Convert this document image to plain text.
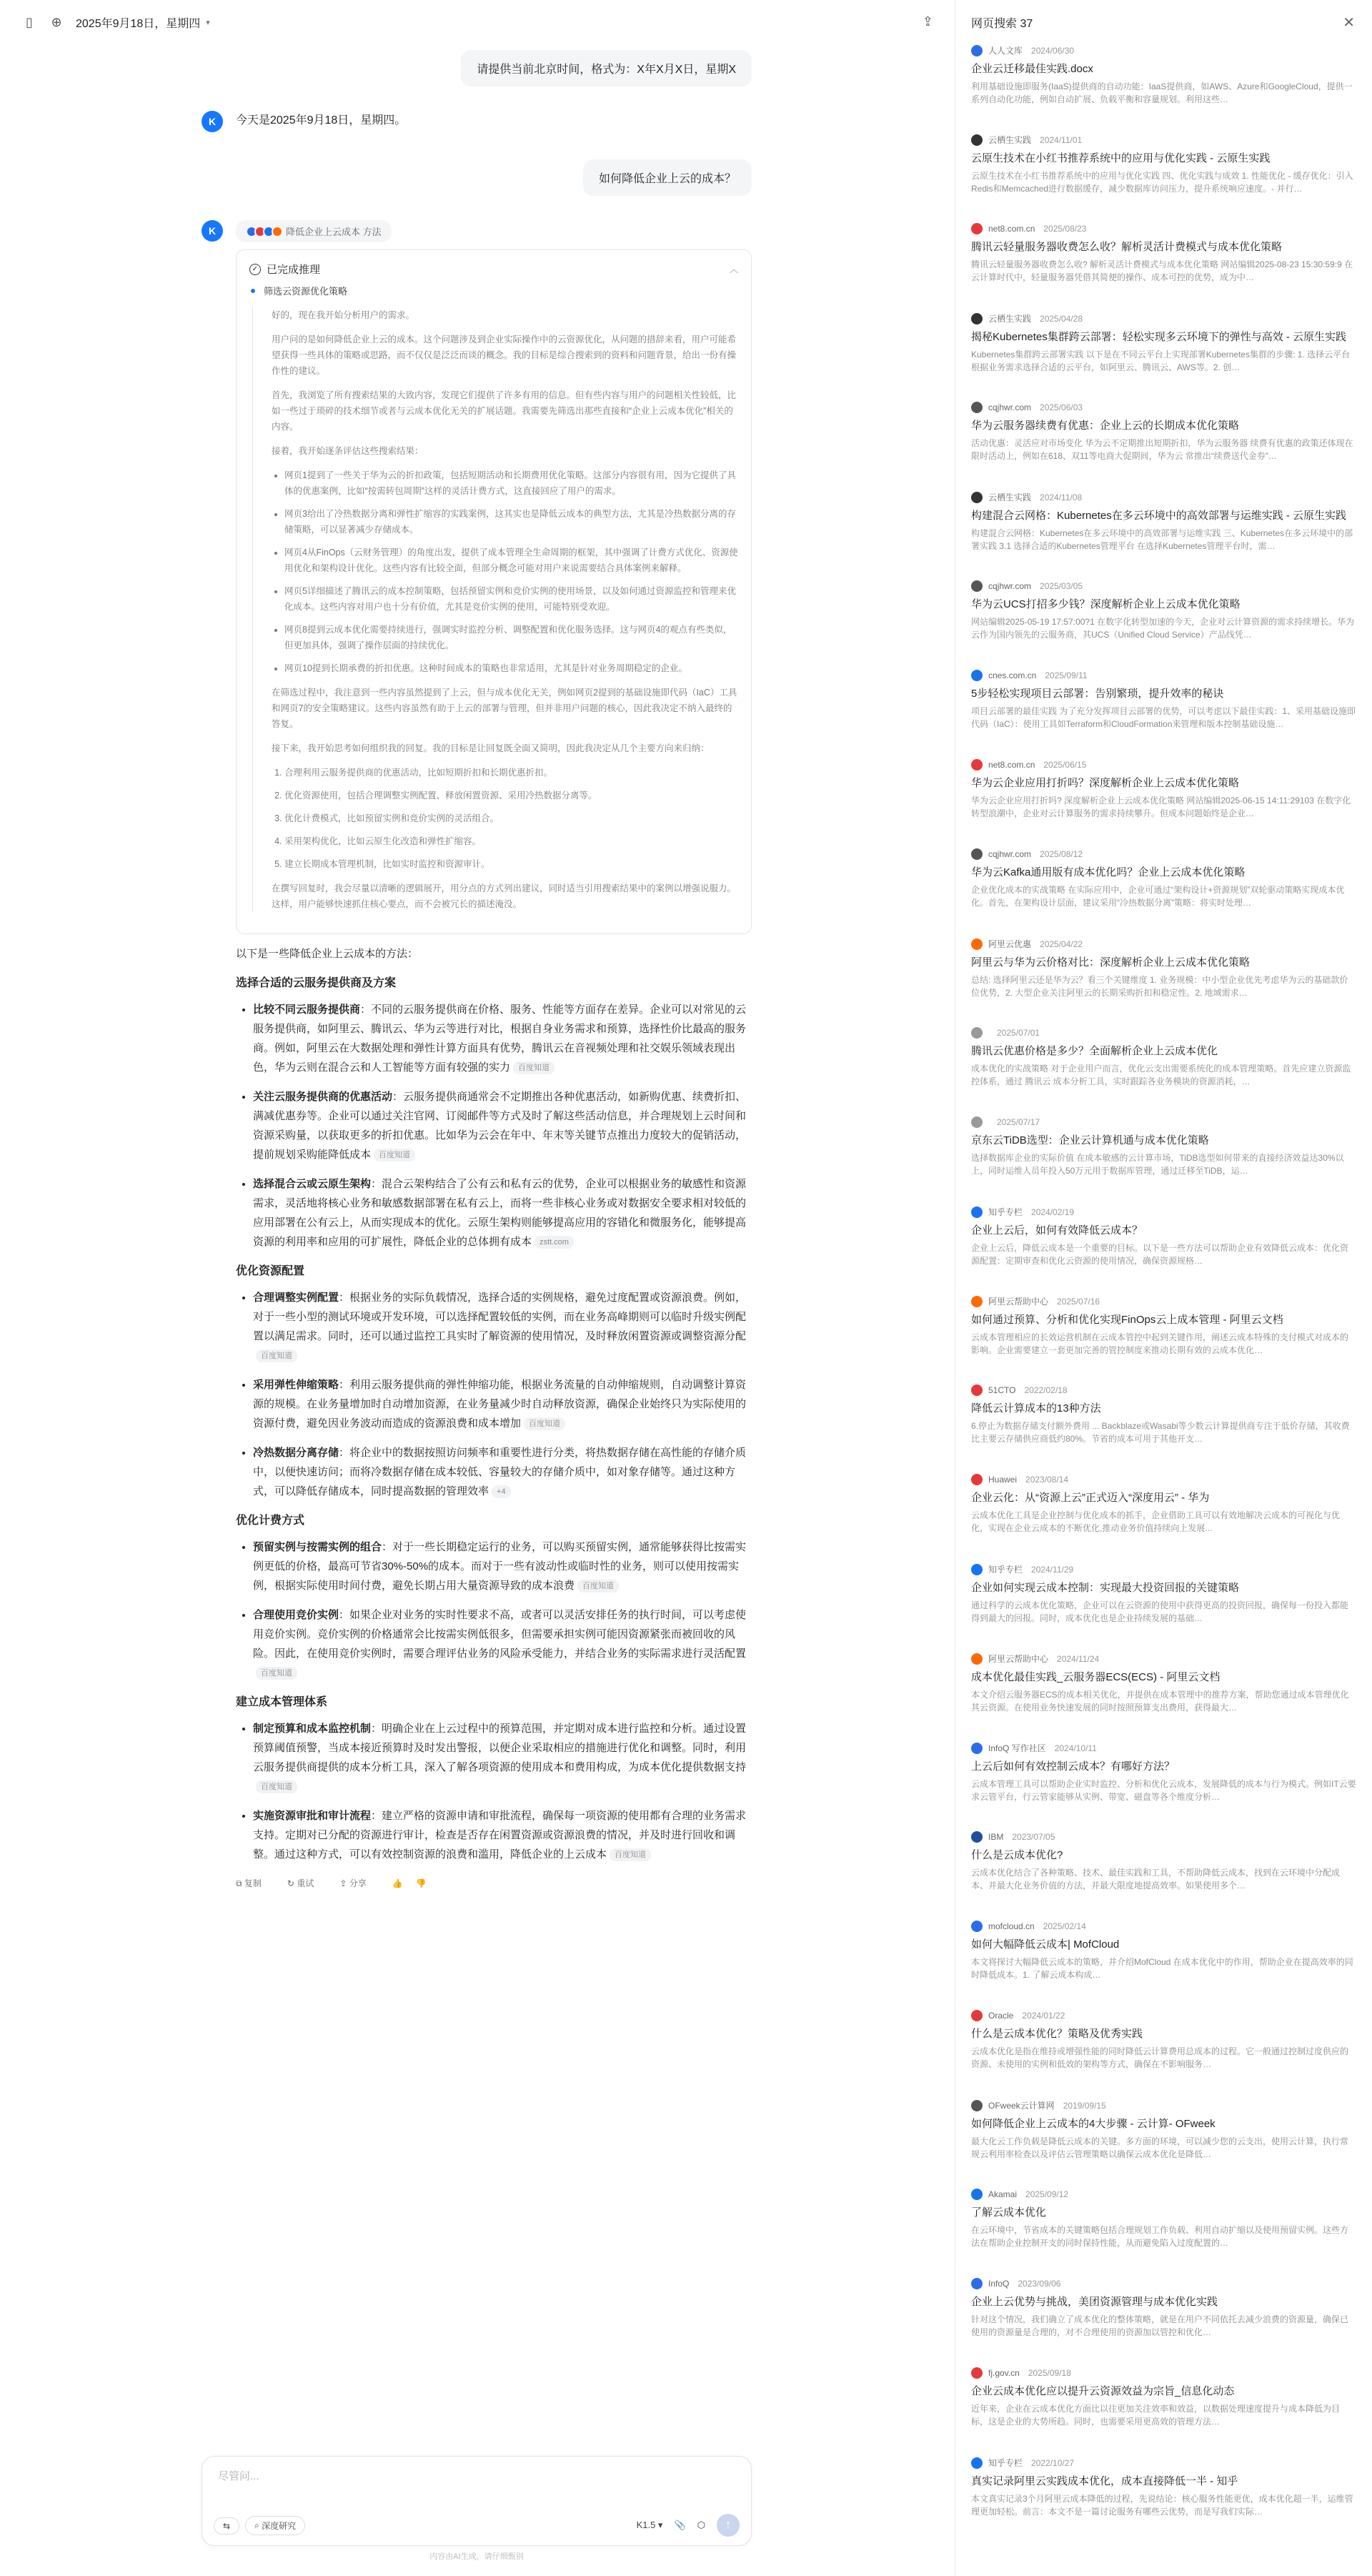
▯	⊕ 2025年9月18日，星期四 ▾	⇪
请提供当前北京时间，格式为：X年X月X日，星期X
K	今天是2025年9月18日，星期四。
如何降低企业上云的成本？
K	降低企业上云成本 方法
✓ 已完成推理	︿
筛选云资源优化策略

好的，现在我开始分析用户的需求。

用户问的是如何降低企业上云的成本。这个问题涉及到企业实际操作中的云资源优化，从问题的措辞来看，用户可能希望获得一些具体的策略或思路，而不仅仅是泛泛而谈的概念。我的目标是综合搜索到的资料和问题背景，给出一份有操作性的建议。

首先，我浏览了所有搜索结果的大致内容，发现它们提供了许多有用的信息。但有些内容与用户的问题相关性较低，比如一些过于琐碎的技术细节或者与云成本优化无关的扩展话题。我需要先筛选出那些直接和“企业上云成本优化”相关的内容。

接着，我开始逐条评估这些搜索结果：

• 网页1提到了一些关于华为云的折扣政策，包括短期活动和长期费用优化策略。这部分内容很有用，因为它提供了具体的优惠案例，比如“按需转包周期”这样的灵活计费方式，这直接回应了用户的需求。
• 网页3给出了冷热数据分离和弹性扩缩容的实践案例，这其实也是降低云成本的典型方法，尤其是冷热数据分离的存储策略，可以显著减少存储成本。
• 网页4从FinOps（云财务管理）的角度出发，提供了成本管理全生命周期的框架，其中强调了计费方式优化、资源使用优化和架构设计优化。这些内容有比较全面，但部分概念可能对用户来说需要结合具体案例来解释。
• 网页5详细描述了腾讯云的成本控制策略，包括预留实例和竞价实例的使用场景，以及如何通过资源监控和管理来优化成本。这些内容对用户也十分有价值，尤其是竞价实例的使用，可能特别受欢迎。
• 网页8提到云成本优化需要持续进行，强调实时监控分析、调整配置和优化服务选择。这与网页4的观点有些类似，但更加具体，强调了操作层面的持续优化。
• 网页10提到长期承费的折扣优惠。这种时间成本的策略也非常适用，尤其是针对业务周期稳定的企业。

在筛选过程中，我注意到一些内容虽然提到了上云，但与成本优化无关，例如网页2提到的基础设施即代码（IaC）工具和网页7的安全策略建议。这些内容虽然有助于上云的部署与管理，但并非用户问题的核心，因此我决定不纳入最终的答复。

接下来，我开始思考如何组织我的回复。我的目标是让回复既全面又简明，因此我决定从几个主要方向来归纳：

1. 合理利用云服务提供商的优惠活动，比如短期折扣和长期优惠折扣。
2. 优化资源使用，包括合理调整实例配置、释放闲置资源、采用冷热数据分离等。
3. 优化计费模式，比如预留实例和竞价实例的灵活组合。
4. 采用架构优化，比如云原生化改造和弹性扩缩容。
5. 建立长期成本管理机制，比如实时监控和资源审计。

在撰写回复时，我会尽量以清晰的逻辑展开，用分点的方式列出建议，同时适当引用搜索结果中的案例以增强说服力。这样，用户能够快速抓住核心要点，而不会被冗长的描述淹没。

以下是一些降低企业上云成本的方法：
选择合适的云服务提供商及方案
• 比较不同云服务提供商：不同的云服务提供商在价格、服务、性能等方面存在差异。企业可以对常见的云服务提供商，如阿里云、腾讯云、华为云等进行对比，根据自身业务需求和预算，选择性价比最高的服务商。例如，阿里云在大数据处理和弹性计算方面具有优势，腾讯云在音视频处理和社交娱乐领域表现出色，华为云则在混合云和人工智能等方面有较强的实力 百度知道
• 关注云服务提供商的优惠活动：云服务提供商通常会不定期推出各种优惠活动，如新购优惠、续费折扣、满减优惠券等。企业可以通过关注官网、订阅邮件等方式及时了解这些活动信息，并合理规划上云时间和资源采购量，以获取更多的折扣优惠。比如华为云会在年中、年末等关键节点推出力度较大的促销活动，提前规划采购能降低成本 百度知道
• 选择混合云或云原生架构：混合云架构结合了公有云和私有云的优势，企业可以根据业务的敏感性和资源需求，灵活地将核心业务和敏感数据部署在私有云上，而将一些非核心业务或对数据安全要求相对较低的应用部署在公有云上，从而实现成本的优化。云原生架构则能够提高应用的容错化和微服务化，能够提高资源的利用率和应用的可扩展性，降低企业的总体拥有成本 zstt.com
优化资源配置
• 合理调整实例配置：根据业务的实际负载情况，选择合适的实例规格，避免过度配置或资源浪费。例如，对于一些小型的测试环境或开发环境，可以选择配置较低的实例，而在业务高峰期则可以临时升级实例配置以满足需求。同时，还可以通过监控工具实时了解资源的使用情况，及时释放闲置资源或调整资源分配百度知道
• 采用弹性伸缩策略：利用云服务提供商的弹性伸缩功能，根据业务流量的自动伸缩规则，自动调整计算资源的规模。在业务量增加时自动增加资源，在业务量减少时自动释放资源，确保企业始终只为实际使用的资源付费，避免因业务波动而造成的资源浪费和成本增加 百度知道
• 冷热数据分离存储：将企业中的数据按照访问频率和重要性进行分类，将热数据存储在高性能的存储介质中，以便快速访问；而将冷数据存储在成本较低、容量较大的存储介质中，如对象存储等。通过这种方式，可以降低存储成本，同时提高数据的管理效率 +4
优化计费方式
• 预留实例与按需实例的组合：对于一些长期稳定运行的业务，可以购买预留实例，通常能够获得比按需实例更低的价格，最高可节省30%-50%的成本。而对于一些有波动性或临时性的业务，则可以使用按需实例，根据实际使用时间付费，避免长期占用大量资源导致的成本浪费 百度知道
• 合理使用竞价实例：如果企业对业务的实时性要求不高，或者可以灵活安排任务的执行时间，可以考虑使用竞价实例。竞价实例的价格通常会比按需实例低很多，但需要承担实例可能因资源紧张而被回收的风险。因此，在使用竞价实例时，需要合理评估业务的风险承受能力，并结合业务的实际需求进行灵活配置百度知道
建立成本管理体系
• 制定预算和成本监控机制：明确企业在上云过程中的预算范围，并定期对成本进行监控和分析。通过设置预算阈值预警，当成本接近预算时及时发出警报，以便企业采取相应的措施进行优化和调整。同时，利用云服务提供商提供的成本分析工具，深入了解各项资源的使用成本和费用构成，为成本优化提供数据支持百度知道
• 实施资源审批和审计流程：建立严格的资源申请和审批流程，确保每一项资源的使用都有合理的业务需求支持。定期对已分配的资源进行审计，检查是否存在闲置资源或资源浪费的情况，并及时进行回收和调整。通过这种方式，可以有效控制资源的浪费和滥用，降低企业的上云成本 百度知道
⧉ 复制	↻ 重试	⇪ 分享	👍 👎
尽管问...
⇆	⌕ 深度研究	K1.5 ▾ 📎 ⬡	↑
内容由AI生成，请仔细甄别
网页搜索 37	✕
人人文库 2024/06/30
企业云迁移最佳实践.docx
利用基础设施即服务(IaaS)提供商的自动功能：IaaS提供商，如AWS、Azure和GoogleCloud，提供一系列自动化功能，例如自动扩展、负载平衡和容量规划。利用这些…
云栖生实践 2024/11/01
云原生技术在小红书推荐系统中的应用与优化实践 - 云原生实践
云原生技术在小红书推荐系统中的应用与优化实践 四、优化实践与成效 1. 性能优化 - 缓存优化：引入Redis和Memcached进行数据缓存，减少数据库访问压力，提升系统响应速度。- 并行…
net8.com.cn 2025/08/23
腾讯云轻量服务器收费怎么收？解析灵活计费模式与成本优化策略
腾讯云轻量服务器收费怎么收? 解析灵活计费模式与成本优化策略 网站编辑2025-08-23 15:30:59:9 在云计算时代中，轻量服务器凭借其简便的操作、成本可控的优势，成为中…
云栖生实践 2025/04/28
揭秘Kubernetes集群跨云部署：轻松实现多云环境下的弹性与高效 - 云原生实践
Kubernetes集群跨云部署实践 以下是在不同云平台上实现部署Kubernetes集群的步骤: 1. 选择云平台 根据业务需求选择合适的云平台，如阿里云、腾讯云、AWS等。2. 创…
cqjhwr.com 2025/06/03
华为云服务器续费有优惠：企业上云的长期成本优化策略
活动优惠：灵活应对市场变化 华为云不定期推出短期折扣，华为云服务器 续费有优惠的政策还体现在限时活动上，例如在618、双11等电商大促期间，华为云 常推出“续费送代金券”…
云栖生实践 2024/11/08
构建混合云网格：Kubernetes在多云环境中的高效部署与运维实践 - 云原生实践
构建混合云网格：Kubernetes在多云环境中的高效部署与运维实践 三、Kubernetes在多云环境中的部署实践 3.1 选择合适的Kubernetes管理平台 在选择Kubernetes管理平台时，需…
cqjhwr.com 2025/03/05
华为云UCS打招多少钱？深度解析企业上云成本优化策略
网站编辑2025-05-19 17:57:00?1 在数字化转型加速的今天，企业对云计算资源的需求持续增长。华为云作为国内领先的云服务商，其UCS（Unified Cloud Service）产品线凭…
cnes.com.cn 2025/09/11
5步轻松实现项目云部署：告别繁琐，提升效率的秘诀
项目云部署的最佳实践 为了充分发挥项目云部署的优势，可以考虑以下最佳实践：1、采用基础设施即代码（IaC）：使用工具如Terraform和CloudFormation来管理和版本控制基础设施…
net8.com.cn 2025/06/15
华为云企业应用打折吗？深度解析企业上云成本优化策略
华为云企业应用打折吗? 深度解析企业上云成本优化策略 网站编辑2025-06-15 14:11:29103 在数字化转型浪潮中，企业对云计算服务的需求持续攀升。但成本问题始终是企业…
cqjhwr.com 2025/08/12
华为云Kafka通用版有成本优化吗？企业上云成本优化策略
企业优化成本的实战策略 在实际应用中，企业可通过“架构设计+资源规划”双轮驱动策略实现成本优化。首先，在架构设计层面，建议采用“冷热数据分离”策略：将实时处理…
阿里云优惠 2025/04/22
阿里云与华为云价格对比：深度解析企业上云成本优化策略
总结: 选择阿里云还是华为云？看三个关键维度 1. 业务规模：中小型企业优先考虑华为云的基础款价位优势，2. 大型企业关注阿里云的长期采购折扣和稳定性。2. 地域需求…
2025/07/01
腾讯云优惠价格是多少？全面解析企业上云成本优化
成本优化的实战策略 对于企业用户而言，优化云支出需要系统化的成本管理策略。首先应建立资源监控体系，通过 腾讯云 成本分析工具，实时跟踪各业务模块的资源消耗，…
2025/07/17
京东云TiDB选型：企业云计算机通与成本优化策略
选择数据库企业的实际价值 在成本敏感的云计算市场，TiDB选型如何带来的直接经济效益达30%以上，同时运维人员年投入50万元用于数据库管理，通过迁移至TiDB，运…
知乎专栏 2024/02/19
企业上云后，如何有效降低云成本？
企业上云后，降低云成本是一个重要的目标。以下是一些方法可以帮助企业有效降低云成本：优化资源配置：定期审查和优化云资源的使用情况，确保资源规格…
阿里云帮助中心 2025/07/16
如何通过预算、分析和优化实现FinOps云上成本管理 - 阿里云文档
云成本管理相应的长效运营机制在云成本管控中起到关键作用，阐述云成本特殊的支付模式对成本的影响。企业需要建立一套更加完善的管控制度来推动长期有效的云成本优化…
51CTO 2022/02/18
降低云计算成本的13种方法
6.停止为数据存储支付额外费用 ... Backblaze或Wasabi等少数云计算提供商专注于低价存储，其收费比主要云存储供应商低约80%。节省的成本可用于其他开支…
Huawei 2023/08/14
企业云化：从“资源上云”正式迈入“深度用云” - 华为
云成本优化工具是企业控制与优化成本的抓手，企业借助工具可以有效地解决云成本的可视化与优化，实现在企业云成本的不断优化,推动业务价值持续向上发展...
知乎专栏 2024/11/29
企业如何实现云成本控制：实现最大投资回报的关键策略
通过科学的云成本优化策略，企业可以在云资源的使用中获得更高的投资回报，确保每一份投入都能得到最大的回报。同时，成本优化也是企业持续发展的基础…
阿里云帮助中心 2024/11/24
成本优化最佳实践_云服务器ECS(ECS) - 阿里云文档
本文介绍云服务器ECS的成本相关优化，并提供在成本管理中的推荐方案，帮助您通过成本管理优化其云资源。在使用业务快速发展的同时按照预算支出费用，获得最大…
InfoQ 写作社区 2024/10/11
上云后如何有效控制云成本？有哪好方法？
云成本管理工具可以帮助企业实时监控、分析和优化云成本，发展降低的成本与行为模式。例如IT云要求云管平台，行云管家能够从实例、带宽、磁盘等各个维度分析…
IBM 2023/07/05
什么是云成本优化?
云成本优化结合了各种策略、技术、最佳实践和工具，不帮助降低云成本，找到在云环境中分配成本、并最大化业务价值的方法，并最大限度地提高效率。如果使用多个…
mofcloud.cn 2025/02/14
如何大幅降低云成本| MofCloud
本文将探讨大幅降低云成本的策略，并介绍MofCloud 在成本优化中的作用，帮助企业在提高效率的同时降低成本。1. 了解云成本构成…
Oracle 2024/01/22
什么是云成本优化？策略及优秀实践
云成本优化是指在维持或增强性能的同时降低云计算费用总成本的过程。它一般通过控制过度供应的资源、未使用的实例和低效的架构等方式，确保在不影响服务…
OFweek云计算网 2019/09/15
如何降低企业上云成本的4大步骤 - 云计算- OFweek
最大化云工作负载是降低云成本的关键。多方面的环境，可以减少您的云支出，使用云计算，执行常规云利用率检查以及评估云管理策略以确保云成本优化是降低…
Akamai 2025/09/12
了解云成本优化
在云环境中，节省成本的关键策略包括合理规划工作负载、利用自动扩缩以及使用预留实例。这些方法在帮助企业控制开支的同时保持性能，从而避免陷入过度配置的…
InfoQ 2023/09/06
企业上云优势与挑战，美团资源管理与成本优化实践
针对这个情况，我们确立了成本优化的整体策略，就是在用户不同依托去减少浪费的资源量，确保已使用的资源量是合理的，对不合理使用的资源加以管控和优化…
fj.gov.cn 2025/09/18
企业云成本优化应以提升云资源效益为宗旨_信息化动态
近年来，企业在云成本优化方面比以往更加关注效率和效益，以数据处理速度提升与成本降低为目标，这是企业的大势所趋。同时，也需要采用更高效的管理方法…
知乎专栏 2022/10/27
真实记录阿里云实践成本优化，成本直接降低一半 - 知乎
本文真实记录3个月阿里云成本降低的过程，先说结论：核心服务性能更优，成本优化超一半，运维管理更加轻松。前言：本文不是一篇讨论服务有哪些云优势，而是写我们实际…
